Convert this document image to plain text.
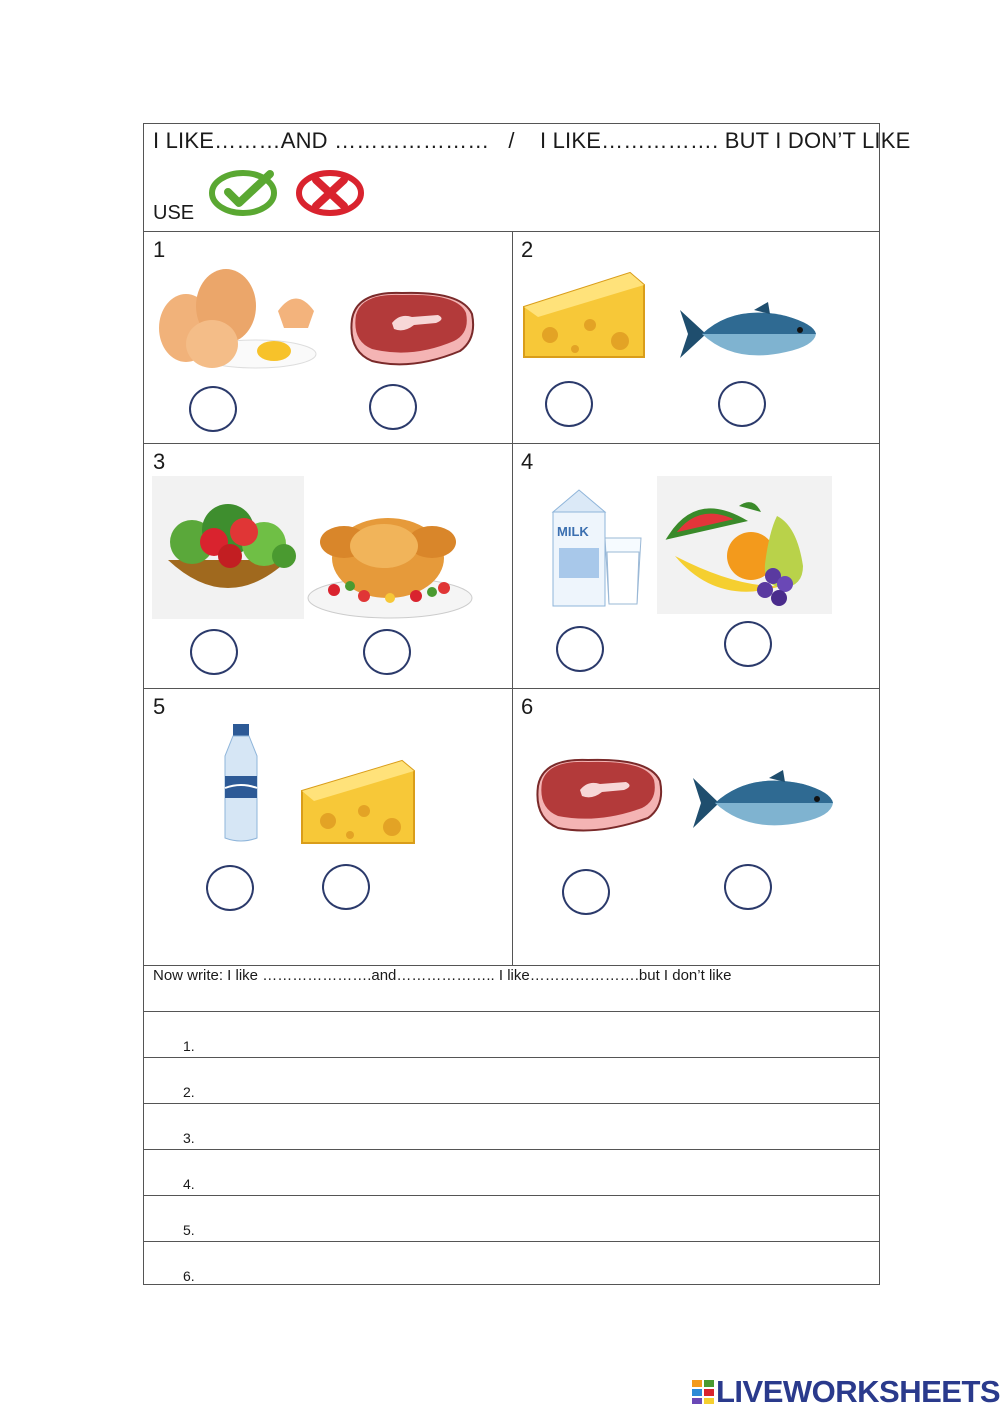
I LIKE………AND …………………   /    I LIKE……………. BUT I DON’T LIKE
USE
1	2
3	4
5	6
MILK
Now write: I like ………………….and……………….. I like………………….but I don’t like
1.
2.
3.
4.
5.
6.
LIVEWORKSHEETS
